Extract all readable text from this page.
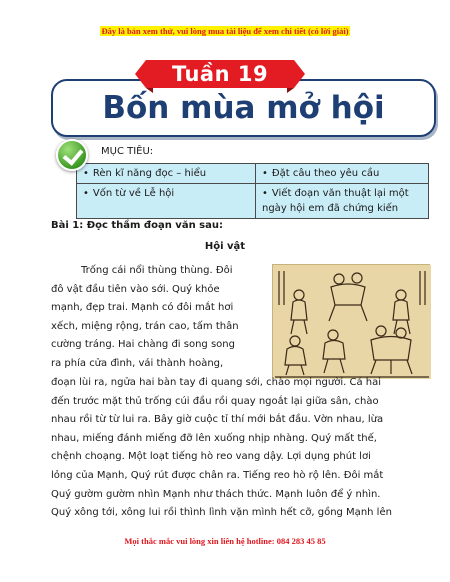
Đây là bản xem thử, vui lòng mua tài liệu để xem chi tiết (có lời giải)
Tuần 19
Bốn mùa mở hội
MỤC TIÊU:
• Rèn kĩ năng đọc – hiểu	• Đặt câu theo yêu cầu
• Vốn từ về Lễ hội	• Viết đoạn văn thuật lại một ngày hội em đã chứng kiến
Bài 1: Đọc thầm đoạn văn sau:
Hội vật
Trống cái nổi thùng thùng. Đôi
đô vật đầu tiên vào sới. Quý khỏe
mạnh, đẹp trai. Mạnh có đôi mắt hơi
xếch, miệng rộng, trán cao, tấm thân
cường tráng. Hai chàng đi song song
ra phía cửa đình, vái thành hoàng,
đoạn lùi ra, ngửa hai bàn tay đi quang sới, chào mọi người. Cả hai
đến trước mặt thủ trống cúi đầu rồi quay ngoắt lại giữa sân, chào
nhau rồi từ từ lui ra. Bây giờ cuộc tỉ thí mới bắt đầu. Vờn nhau, lừa
nhau, miếng đánh miếng đỡ lên xuống nhịp nhàng. Quý mất thế,
chệnh choạng. Một loạt tiếng hò reo vang dậy. Lợi dụng phút lơi
lỏng của Mạnh, Quý rút được chân ra. Tiếng reo hò rộ lên. Đôi mắt
Quý gườm gườm nhìn Mạnh như thách thức. Mạnh luôn để ý nhìn.
Quý xông tới, xông lui rồi thình lình vặn mình hết cỡ, gồng Mạnh lên
Mọi thắc mắc vui lòng xin liên hệ hotline: 084 283 45 85
